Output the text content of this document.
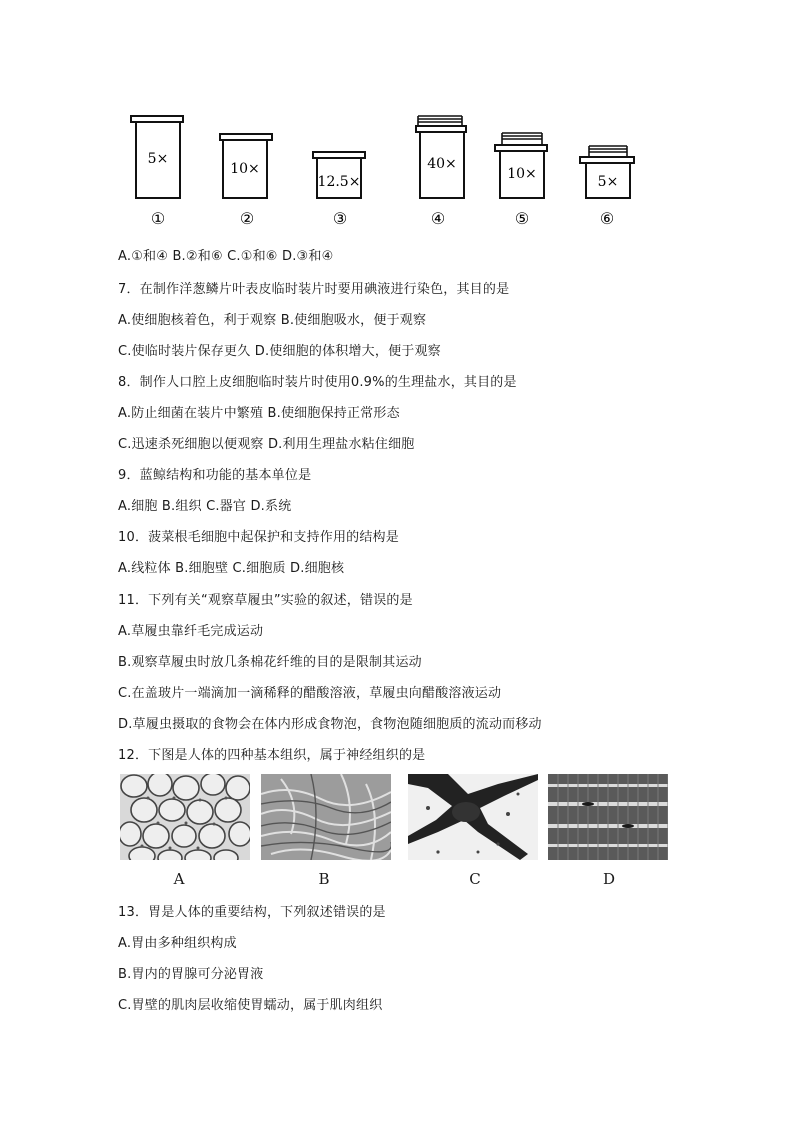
5×
10×
12.5×
40×
10×	5×
①	②	③	④	⑤	⑥
A.①和④ B.②和⑥ C.①和⑥ D.③和④
7．在制作洋葱鳞片叶表皮临时装片时要用碘液进行染色，其目的是
A.使细胞核着色，利于观察 B.使细胞吸水，便于观察
C.使临时装片保存更久 D.使细胞的体积增大，便于观察
8．制作人口腔上皮细胞临时装片时使用0.9%的生理盐水，其目的是
A.防止细菌在装片中繁殖 B.使细胞保持正常形态
C.迅速杀死细胞以便观察 D.利用生理盐水粘住细胞
9．蓝鲸结构和功能的基本单位是
A.细胞 B.组织 C.器官 D.系统
10．菠菜根毛细胞中起保护和支持作用的结构是
A.线粒体 B.细胞壁 C.细胞质 D.细胞核
11．下列有关“观察草履虫”实验的叙述，错误的是
A.草履虫靠纤毛完成运动
B.观察草履虫时放几条棉花纤维的目的是限制其运动
C.在盖玻片一端滴加一滴稀释的醋酸溶液，草履虫向醋酸溶液运动
D.草履虫摄取的食物会在体内形成食物泡，食物泡随细胞质的流动而移动
12．下图是人体的四种基本组织，属于神经组织的是
A	B	C	D
13．胃是人体的重要结构，下列叙述错误的是
A.胃由多种组织构成
B.胃内的胃腺可分泌胃液
C.胃壁的肌肉层收缩使胃蠕动，属于肌肉组织
